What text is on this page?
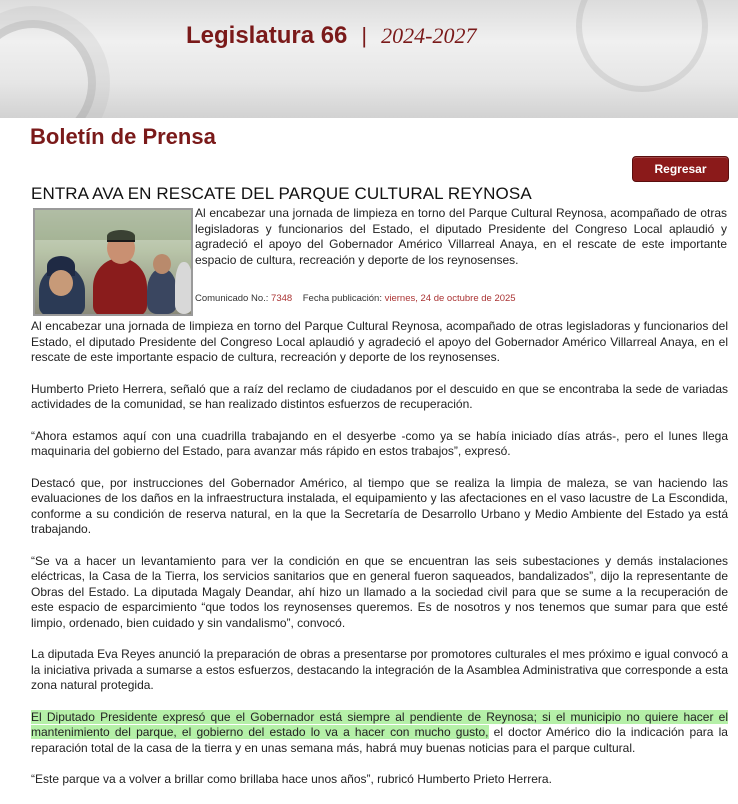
Legislatura 66 | 2024-2027
Boletín de Prensa
Regresar
ENTRA AVA EN RESCATE DEL PARQUE CULTURAL REYNOSA
Al encabezar una jornada de limpieza en torno del Parque Cultural Reynosa, acompañado de otras legisladoras y funcionarios del Estado, el diputado Presidente del Congreso Local aplaudió y agradeció el apoyo del Gobernador Américo Villarreal Anaya, en el rescate de este importante espacio de cultura, recreación y deporte de los reynosenses.
Comunicado No.: 7348 Fecha publicación: viernes, 24 de octubre de 2025

Al encabezar una jornada de limpieza en torno del Parque Cultural Reynosa, acompañado de otras legisladoras y funcionarios del Estado, el diputado Presidente del Congreso Local aplaudió y agradeció el apoyo del Gobernador Américo Villarreal Anaya, en el rescate de este importante espacio de cultura, recreación y deporte de los reynosenses.

Humberto Prieto Herrera, señaló que a raíz del reclamo de ciudadanos por el descuido en que se encontraba la sede de variadas actividades de la comunidad, se han realizado distintos esfuerzos de recuperación.

“Ahora estamos aquí con una cuadrilla trabajando en el desyerbe -como ya se había iniciado días atrás-, pero el lunes llega maquinaria del gobierno del Estado, para avanzar más rápido en estos trabajos”, expresó.

Destacó que, por instrucciones del Gobernador Américo, al tiempo que se realiza la limpia de maleza, se van haciendo las evaluaciones de los daños en la infraestructura instalada, el equipamiento y las afectaciones en el vaso lacustre de La Escondida, conforme a su condición de reserva natural, en la que la Secretaría de Desarrollo Urbano y Medio Ambiente del Estado ya está trabajando.

“Se va a hacer un levantamiento para ver la condición en que se encuentran las seis subestaciones y demás instalaciones eléctricas, la Casa de la Tierra, los servicios sanitarios que en general fueron saqueados, bandalizados”, dijo la representante de Obras del Estado. La diputada Magaly Deandar, ahí hizo un llamado a la sociedad civil para que se sume a la recuperación de este espacio de esparcimiento “que todos los reynosenses queremos. Es de nosotros y nos tenemos que sumar para que esté limpio, ordenado, bien cuidado y sin vandalismo”, convocó.

La diputada Eva Reyes anunció la preparación de obras a presentarse por promotores culturales el mes próximo e igual convocó a la iniciativa privada a sumarse a estos esfuerzos, destacando la integración de la Asamblea Administrativa que corresponde a esta zona natural protegida.

El Diputado Presidente expresó que el Gobernador está siempre al pendiente de Reynosa; si el municipio no quiere hacer el mantenimiento del parque, el gobierno del estado lo va a hacer con mucho gusto, el doctor Américo dio la indicación para la reparación total de la casa de la tierra y en unas semana más, habrá muy buenas noticias para el parque cultural.

“Este parque va a volver a brillar como brillaba hace unos años”, rubricó Humberto Prieto Herrera.
